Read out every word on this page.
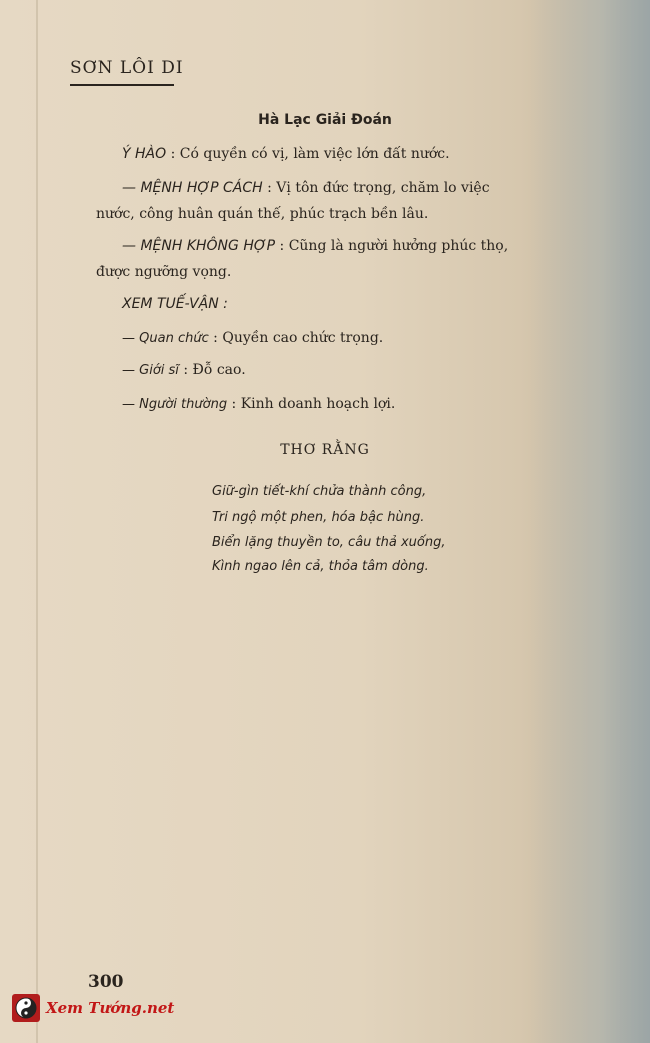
SƠN LÔI DI
Hà Lạc Giải Đoán
Ý HÀO : Có quyền có vị, làm việc lớn đất nước.
— MỆNH HỢP CÁCH : Vị tôn đức trọng, chăm lo việc
nước, công huân quán thế, phúc trạch bền lâu.
— MỆNH KHÔNG HỢP : Cũng là người hưởng phúc thọ,
được ngưỡng vọng.
XEM TUẾ-VẬN :
— Quan chức : Quyền cao chức trọng.
— Giới sĩ : Đỗ cao.
— Người thường : Kinh doanh hoạch lợi.
THƠ RẰNG
Giữ-gìn tiết-khí chửa thành công,
Tri ngộ một phen, hóa bậc hùng.
Biển lặng thuyền to, câu thả xuống,
Kình ngao lên cả, thỏa tâm dòng.
300
Xem Tướng.net
